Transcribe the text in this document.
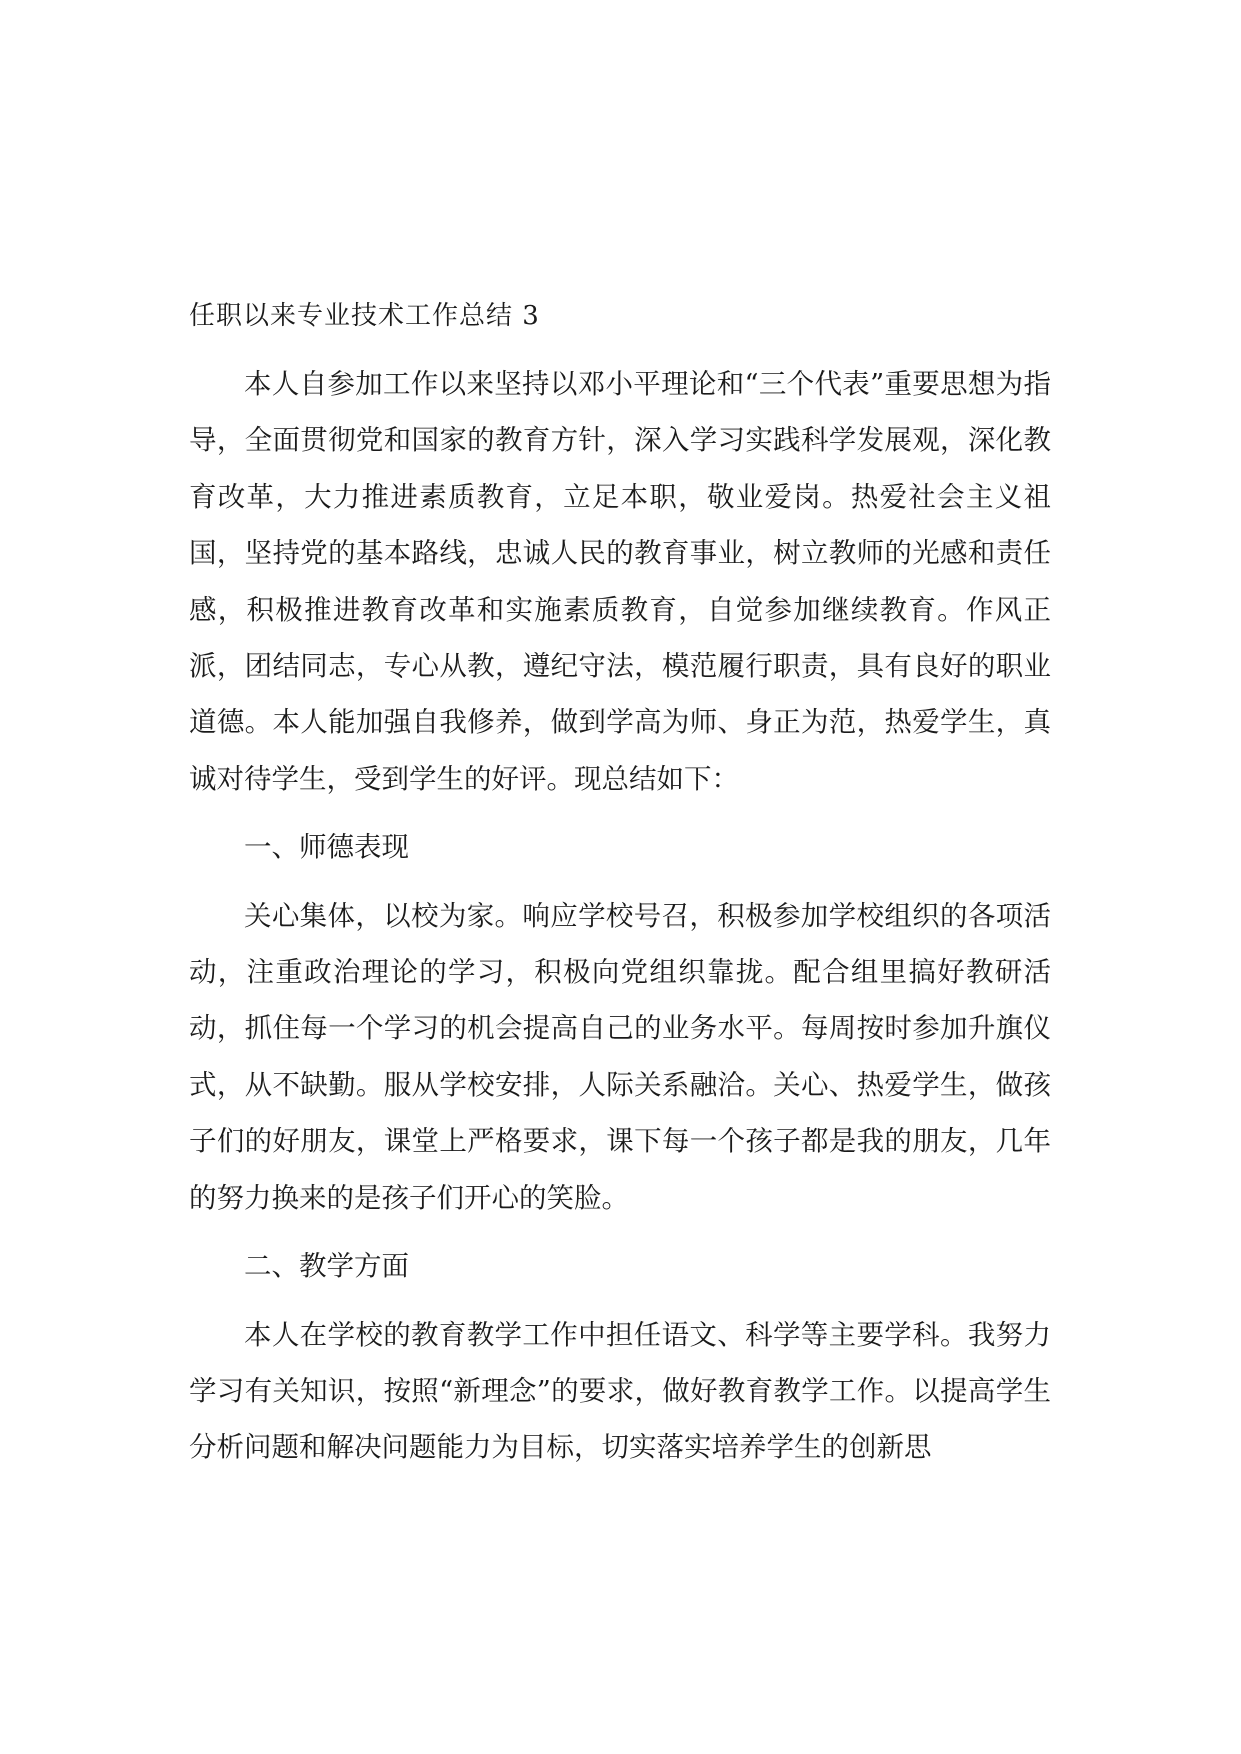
任职以来专业技术工作总结 3

本人自参加工作以来坚持以邓小平理论和“三个代表”重要思想为指导，全面贯彻党和国家的教育方针，深入学习实践科学发展观，深化教育改革，大力推进素质教育，立足本职，敬业爱岗。热爱社会主义祖国，坚持党的基本路线，忠诚人民的教育事业，树立教师的光感和责任感，积极推进教育改革和实施素质教育，自觉参加继续教育。作风正派，团结同志，专心从教，遵纪守法，模范履行职责，具有良好的职业道德。本人能加强自我修养，做到学高为师、身正为范，热爱学生，真诚对待学生，受到学生的好评。现总结如下：

一、师德表现

关心集体，以校为家。响应学校号召，积极参加学校组织的各项活动，注重政治理论的学习，积极向党组织靠拢。配合组里搞好教研活动，抓住每一个学习的机会提高自己的业务水平。每周按时参加升旗仪式，从不缺勤。服从学校安排，人际关系融洽。关心、热爱学生，做孩子们的好朋友，课堂上严格要求，课下每一个孩子都是我的朋友，几年的努力换来的是孩子们开心的笑脸。

二、教学方面

本人在学校的教育教学工作中担任语文、科学等主要学科。我努力学习有关知识，按照“新理念”的要求，做好教育教学工作。以提高学生分析问题和解决问题能力为目标，切实落实培养学生的创新思
